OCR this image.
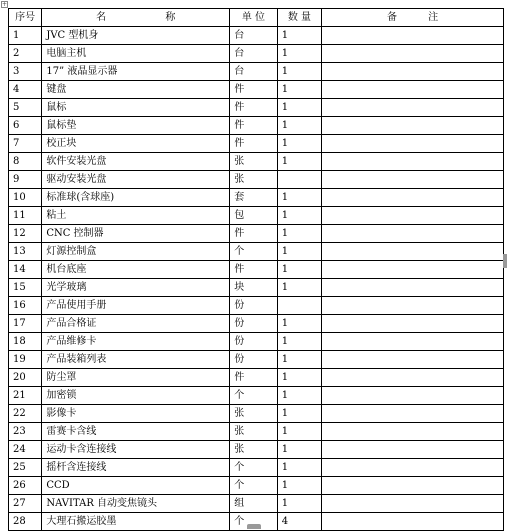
+
序号	名 称	单 位	数 量	备 注
1	JVC 型机身	台	1	
2	电脑主机	台	1	
3	17” 液晶显示器	台	1	
4	键盘	件	1	
5	鼠标	件	1	
6	鼠标垫	件	1	
7	校正块	件	1	
8	软件安装光盘	张	1	
9	驱动安装光盘	张		
10	标准球(含球座)	套	1	
11	粘土	包	1	
12	CNC 控制器	件	1	
13	灯源控制盒	个	1	
14	机台底座	件	1	
15	光学玻璃	块	1	
16	产品使用手册	份		
17	产品合格证	份	1	
18	产品维修卡	份	1	
19	产品装箱列表	份	1	
20	防尘罩	件	1	
21	加密锁	个	1	
22	影像卡	张	1	
23	雷赛卡含线	张	1	
24	运动卡含连接线	张	1	
25	摇杆含连接线	个	1	
26	CCD	个	1	
27	NAVITAR 自动变焦镜头	组	1	
28	大理石搬运胶墨	个	4	
